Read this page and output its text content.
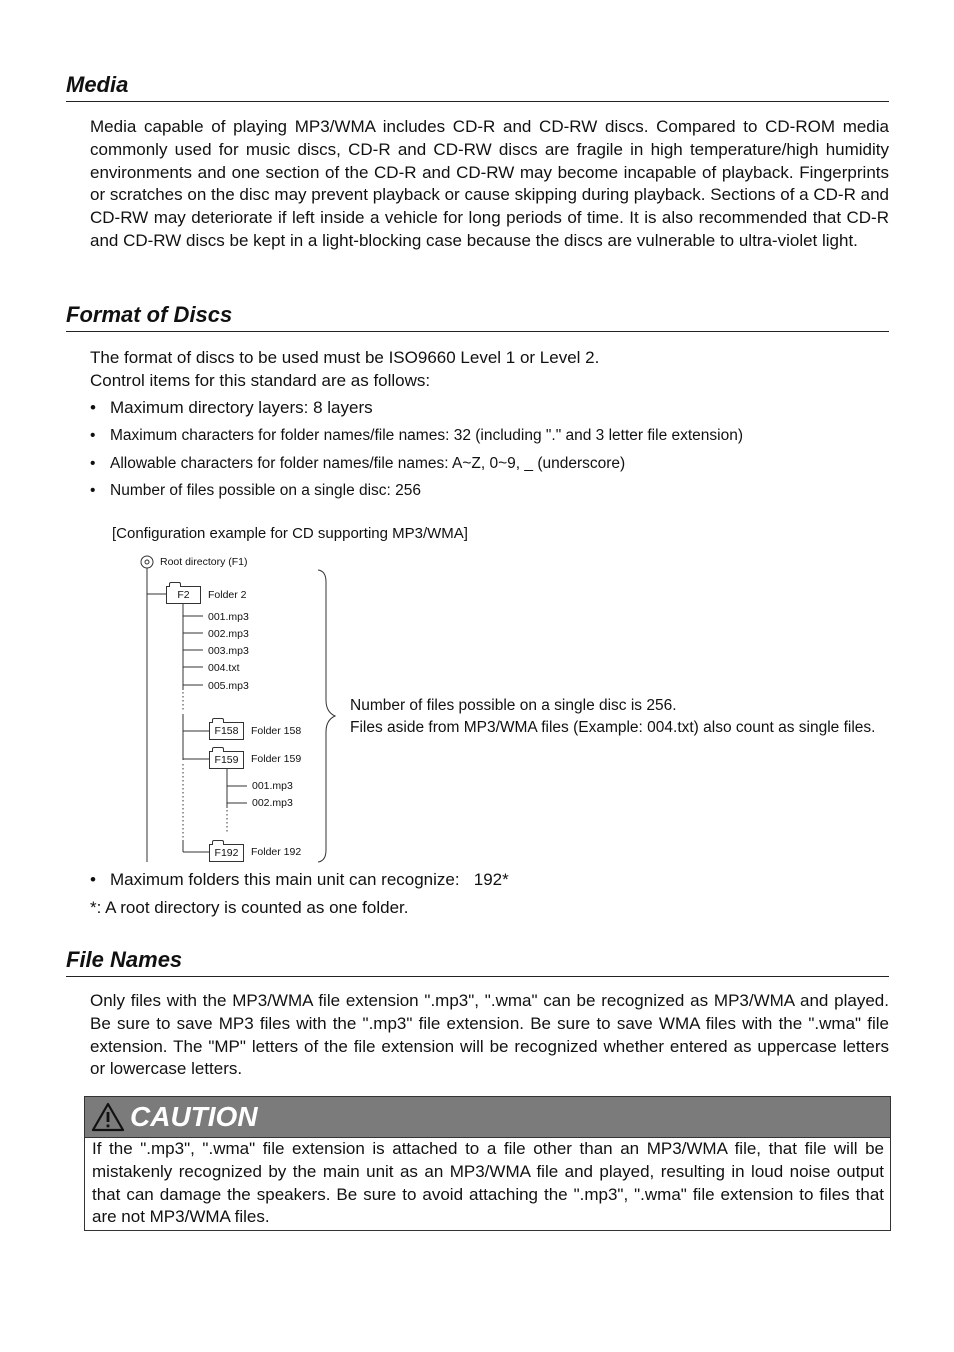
Media
Media capable of playing MP3/WMA includes CD-R and CD-RW discs. Compared to CD-ROM media commonly used for music discs, CD-R and CD-RW discs are fragile in high temperature/high humidity environments and one section of the CD-R and CD-RW may become incapable of playback. Fingerprints or scratches on the disc may prevent playback or cause skipping during playback. Sections of a CD-R and CD-RW may deteriorate if left inside a vehicle for long periods of time. It is also recommended that CD-R and CD-RW discs be kept in a light-blocking case because the discs are vulnerable to ultra-violet light.
Format of Discs
The format of discs to be used must be ISO9660 Level 1 or Level 2.
Control items for this standard are as follows:
• Maximum directory layers: 8 layers
• Maximum characters for folder names/file names: 32 (including "." and 3 letter file extension)
• Allowable characters for folder names/file names: A~Z, 0~9, _ (underscore)
• Number of files possible on a single disc: 256
[Configuration example for CD supporting MP3/WMA]
Root directory (F1)
F2	Folder 2
001.mp3
002.mp3
003.mp3
004.txt
005.mp3
F158	Folder 158
F159	Folder 159
001.mp3
002.mp3
F192	Folder 192
Number of files possible on a single disc is 256.
Files aside from MP3/WMA files (Example: 004.txt) also count as single files.
• Maximum folders this main unit can recognize:   192*
*: A root directory is counted as one folder.
File Names
Only files with the MP3/WMA file extension ".mp3", ".wma" can be recognized as MP3/WMA and played. Be sure to save MP3 files with the ".mp3" file extension. Be sure to save WMA files with the ".wma" file extension. The "MP" letters of the file extension will be recognized whether entered as uppercase letters or lowercase letters.
CAUTION
If the ".mp3", ".wma" file extension is attached to a file other than an MP3/WMA file, that file will be mistakenly recognized by the main unit as an MP3/WMA file and played, resulting in loud noise output that can damage the speakers. Be sure to avoid attaching the ".mp3", ".wma" file extension to files that are not MP3/WMA files.
